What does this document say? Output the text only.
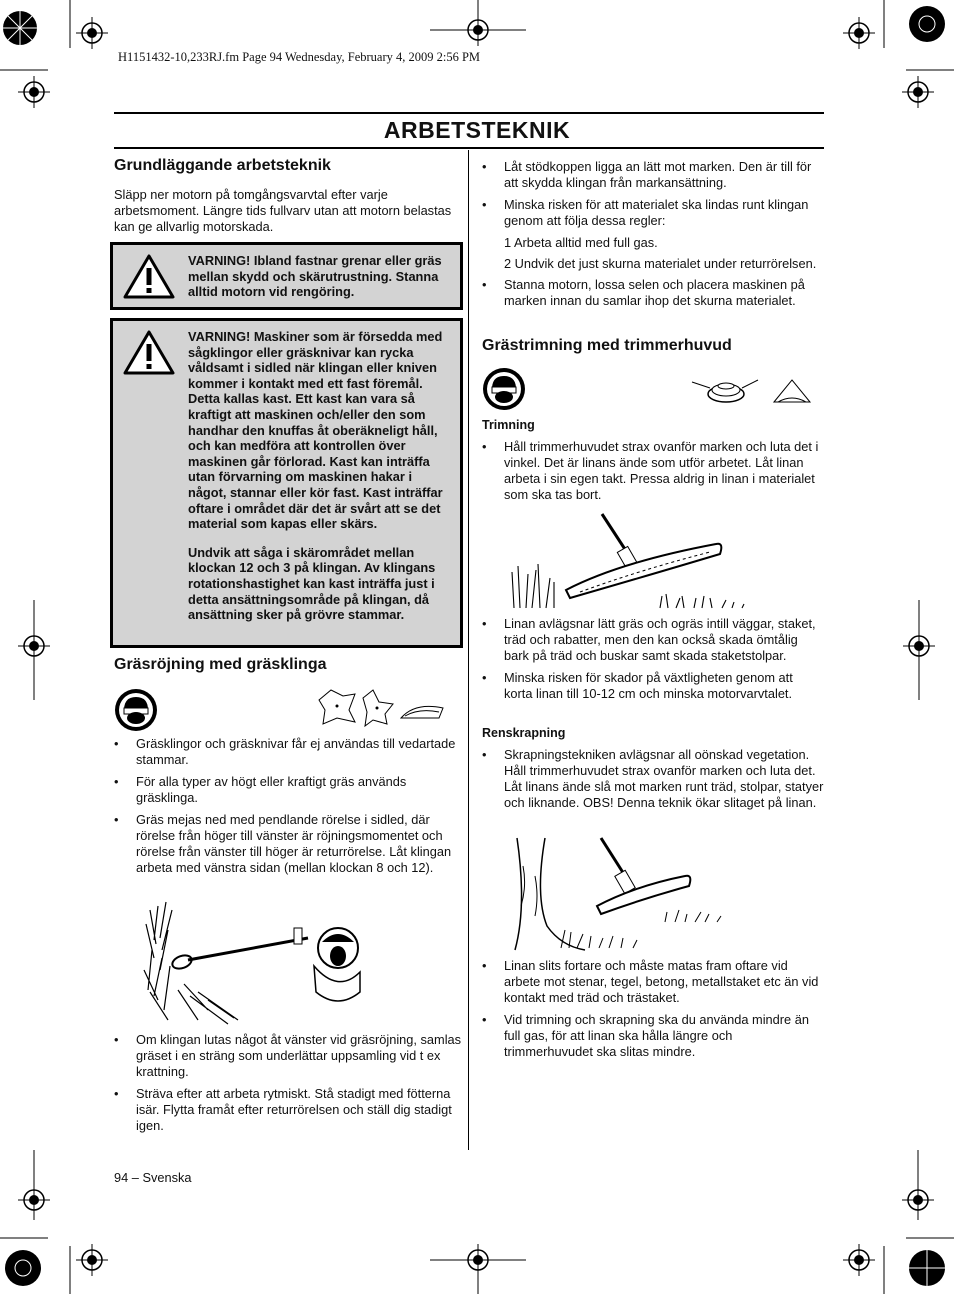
H1151432-10,233RJ.fm Page 94 Wednesday, February 4, 2009 2:56 PM
ARBETSTEKNIK
Grundläggande arbetsteknik

Släpp ner motorn på tomgångsvarvtal efter varje arbetsmoment. Längre tids fullvarv utan att motorn belastas kan ge allvarlig motorskada.

VARNING! Ibland fastnar grenar eller gräs mellan skydd och skärutrustning. Stanna alltid motorn vid rengöring.

VARNING! Maskiner som är försedda med sågklingor eller gräsknivar kan rycka våldsamt i sidled när klingan eller kniven kommer i kontakt med ett fast föremål. Detta kallas kast. Ett kast kan vara så kraftigt att maskinen och/eller den som handhar den knuffas åt oberäkneligt håll, och kan medföra att kontrollen över maskinen går förlorad. Kast kan inträffa utan förvarning om maskinen hakar i något, stannar eller kör fast. Kast inträffar oftare i området där det är svårt att se det material som kapas eller skärs.

Undvik att såga i skärområdet mellan klockan 12 och 3 på klingan. Av klingans rotationshastighet kan kast inträffa just i detta ansättningsområde på klingan, då ansättning sker på grövre stammar.

Gräsröjning med gräsklinga
• Gräsklingor och gräsknivar får ej användas till vedartade stammar.
• För alla typer av högt eller kraftigt gräs används gräsklinga.
• Gräs mejas ned med pendlande rörelse i sidled, där rörelse från höger till vänster är röjningsmomentet och rörelse från vänster till höger är returrörelse. Låt klingan arbeta med vänstra sidan (mellan klockan 8 och 12).
• Om klingan lutas något åt vänster vid gräsröjning, samlas gräset i en sträng som underlättar uppsamling vid t ex krattning.
• Sträva efter att arbeta rytmiskt. Stå stadigt med fötterna isär. Flytta framåt efter returrörelsen och ställ dig stadigt igen.
• Låt stödkoppen ligga an lätt mot marken. Den är till för att skydda klingan från markansättning.
• Minska risken för att materialet ska lindas runt klingan genom att följa dessa regler:

1 Arbeta alltid med full gas.

2 Undvik det just skurna materialet under returrörelsen.

• Stanna motorn, lossa selen och placera maskinen på marken innan du samlar ihop det skurna materialet.
Grästrimning med trimmerhuvud
Trimning
• Håll trimmerhuvudet strax ovanför marken och luta det i vinkel. Det är linans ände som utför arbetet. Låt linan arbeta i sin egen takt. Pressa aldrig in linan i materialet som ska tas bort.
• Linan avlägsnar lätt gräs och ogräs intill väggar, staket, träd och rabatter, men den kan också skada ömtålig bark på träd och buskar samt skada staketstolpar.
• Minska risken för skador på växtligheten genom att korta linan till 10-12 cm och minska motorvarvtalet.
Renskrapning
• Skrapningstekniken avlägsnar all oönskad vegetation. Håll trimmerhuvudet strax ovanför marken och luta det. Låt linans ände slå mot marken runt träd, stolpar, statyer och liknande. OBS! Denna teknik ökar slitaget på linan.
• Linan slits fortare och måste matas fram oftare vid arbete mot stenar, tegel, betong, metallstaket etc än vid kontakt med träd och trästaket.
• Vid trimning och skrapning ska du använda mindre än full gas, för att linan ska hålla längre och trimmerhuvudet ska slitas mindre.
94 – Svenska
